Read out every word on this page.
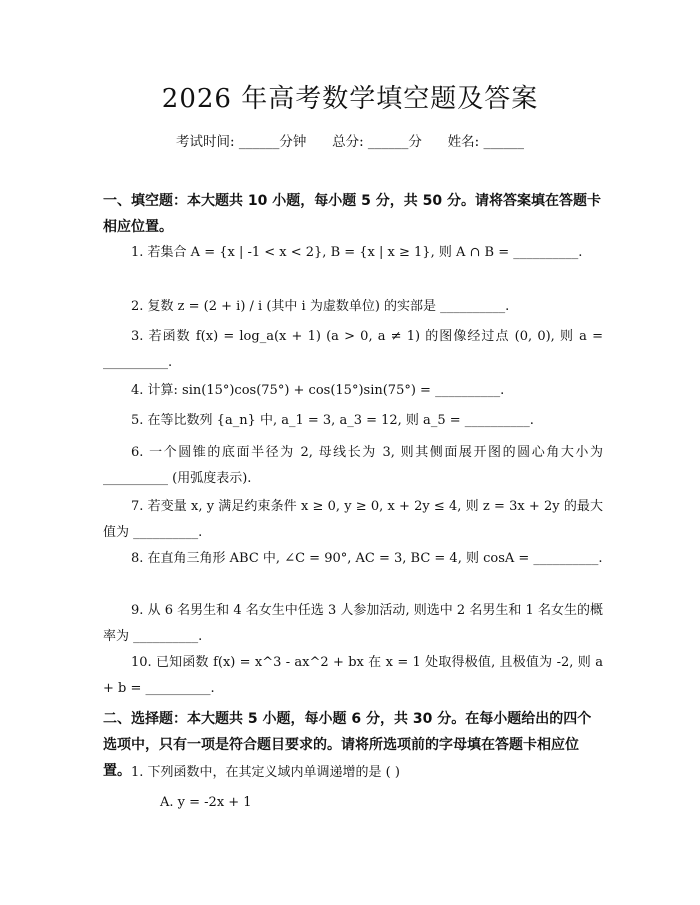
2026 年高考数学填空题及答案
考试时间: ______分钟      总分: ______分      姓名: ______
一、填空题：本大题共 10 小题，每小题 5 分，共 50 分。请将答案填在答题卡相应位置。
1. 若集合 A = {x | -1 < x < 2}, B = {x | x ≥ 1}, 则 A ∩ B = __________.
2. 复数 z = (2 + i) / i (其中 i 为虚数单位) 的实部是 __________.
3. 若函数 f(x) = log_a(x + 1) (a > 0, a ≠ 1) 的图像经过点 (0, 0), 则 a = __________.
4. 计算: sin(15°)cos(75°) + cos(15°)sin(75°) = __________.
5. 在等比数列 {a_n} 中, a_1 = 3, a_3 = 12, 则 a_5 = __________.
6. 一个圆锥的底面半径为 2, 母线长为 3, 则其侧面展开图的圆心角大小为 __________ (用弧度表示).
7. 若变量 x, y 满足约束条件 x ≥ 0, y ≥ 0, x + 2y ≤ 4, 则 z = 3x + 2y 的最大值为 __________.
8. 在直角三角形 ABC 中, ∠C = 90°, AC = 3, BC = 4, 则 cosA = __________.
9. 从 6 名男生和 4 名女生中任选 3 人参加活动, 则选中 2 名男生和 1 名女生的概率为 __________.
10. 已知函数 f(x) = x^3 - ax^2 + bx 在 x = 1 处取得极值, 且极值为 -2, 则 a + b = __________.
二、选择题：本大题共 5 小题，每小题 6 分，共 30 分。在每小题给出的四个选项中，只有一项是符合题目要求的。请将所选项前的字母填在答题卡相应位置。 1. 下列函数中，在其定义域内单调递增的是 ( )
A. y = -2x + 1
